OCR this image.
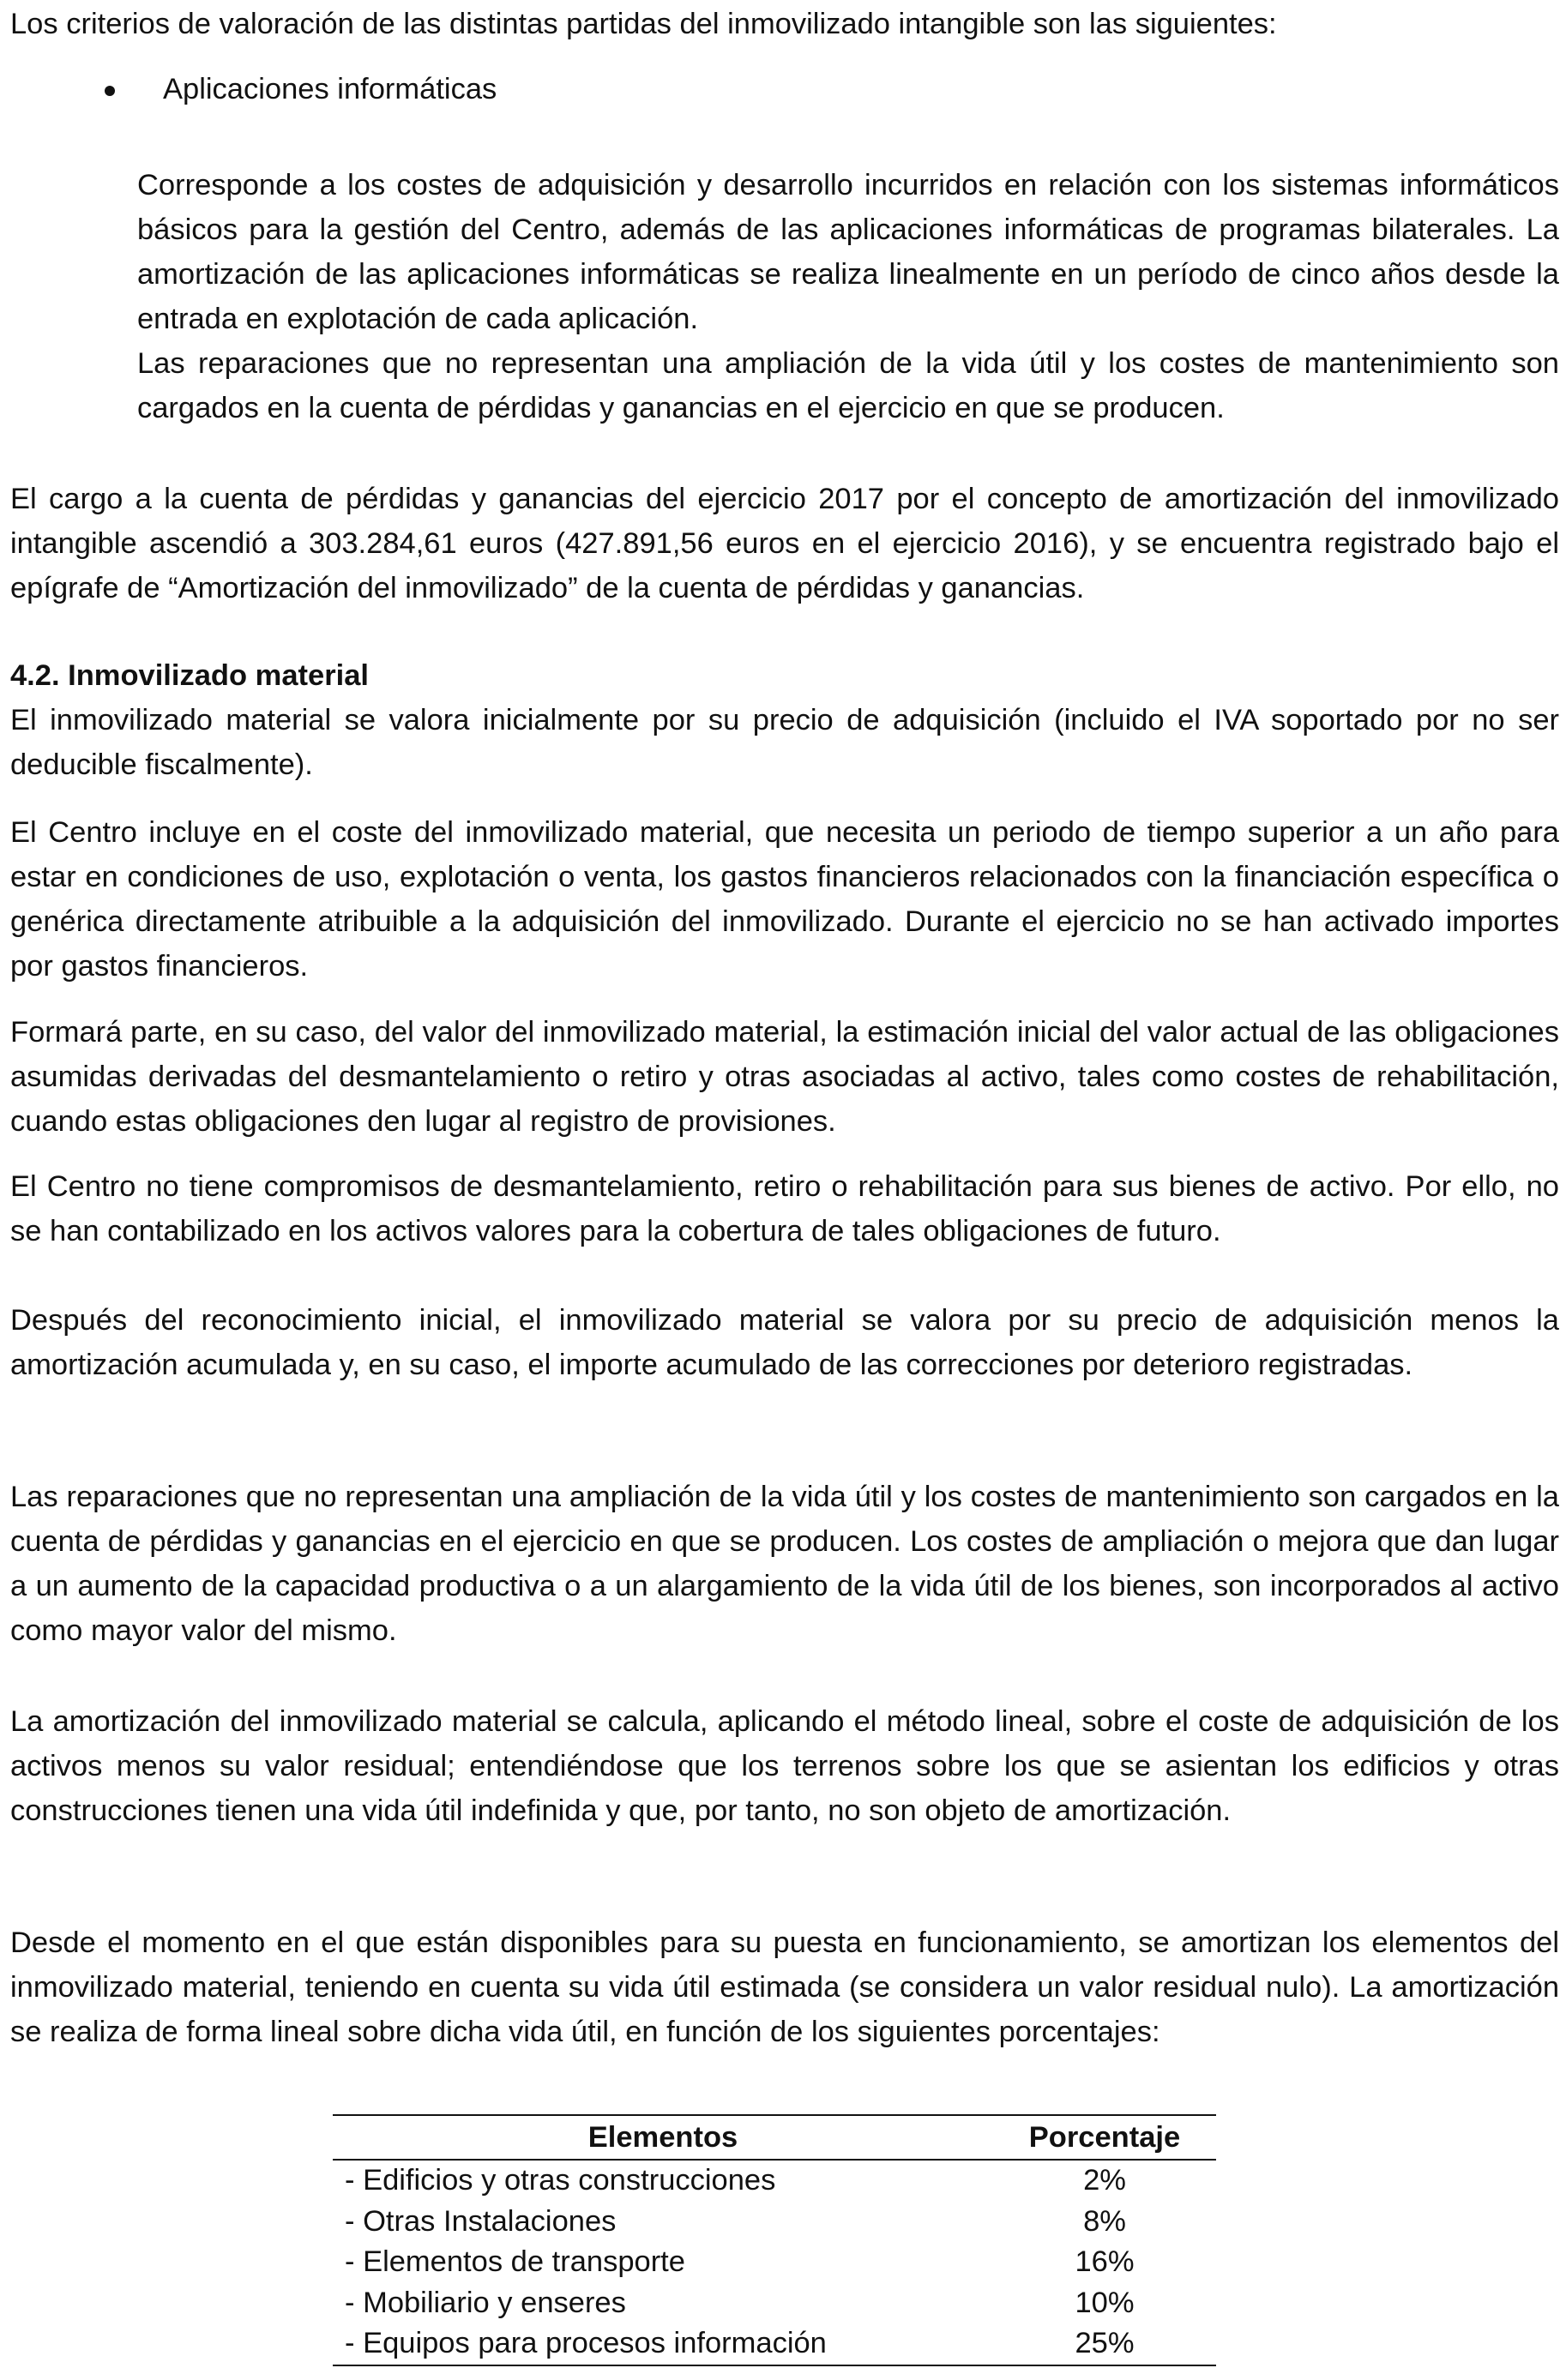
Los criterios de valoración de las distintas partidas del inmovilizado intangible son las siguientes:

Aplicaciones informáticas

Corresponde a los costes de adquisición y desarrollo incurridos en relación con los sistemas informáticos básicos para la gestión del Centro, además de las aplicaciones informáticas de programas bilaterales. La amortización de las aplicaciones informáticas se realiza linealmente en un período de cinco años desde la entrada en explotación de cada aplicación.

Las reparaciones que no representan una ampliación de la vida útil y los costes de mantenimiento son cargados en la cuenta de pérdidas y ganancias en el ejercicio en que se producen.

El cargo a la cuenta de pérdidas y ganancias del ejercicio 2017 por el concepto de amortización del inmovilizado intangible ascendió a 303.284,61 euros (427.891,56 euros en el ejercicio 2016), y se encuentra registrado bajo el epígrafe de “Amortización del inmovilizado” de la cuenta de pérdidas y ganancias.

4.2. Inmovilizado material

El inmovilizado material se valora inicialmente por su precio de adquisición (incluido el IVA soportado por no ser deducible fiscalmente).

El Centro incluye en el coste del inmovilizado material, que necesita un periodo de tiempo superior a un año para estar en condiciones de uso, explotación o venta, los gastos financieros relacionados con la financiación específica o genérica directamente atribuible a la adquisición del inmovilizado. Durante el ejercicio no se han activado importes por gastos financieros.

Formará parte, en su caso, del valor del inmovilizado material, la estimación inicial del valor actual de las obligaciones asumidas derivadas del desmantelamiento o retiro y otras asociadas al activo, tales como costes de rehabilitación, cuando estas obligaciones den lugar al registro de provisiones.

El Centro no tiene compromisos de desmantelamiento, retiro o rehabilitación para sus bienes de activo. Por ello, no se han contabilizado en los activos valores para la cobertura de tales obligaciones de futuro.

Después del reconocimiento inicial, el inmovilizado material se valora por su precio de adquisición menos la amortización acumulada y, en su caso, el importe acumulado de las correcciones por deterioro registradas.

Las reparaciones que no representan una ampliación de la vida útil y los costes de mantenimiento son cargados en la cuenta de pérdidas y ganancias en el ejercicio en que se producen. Los costes de ampliación o mejora que dan lugar a un aumento de la capacidad productiva o a un alargamiento de la vida útil de los bienes, son incorporados al activo como mayor valor del mismo.

La amortización del inmovilizado material se calcula, aplicando el método lineal, sobre el coste de adquisición de los activos menos su valor residual; entendiéndose que los terrenos sobre los que se asientan los edificios y otras construcciones tienen una vida útil indefinida y que, por tanto, no son objeto de amortización.

Desde el momento en el que están disponibles para su puesta en funcionamiento, se amortizan los elementos del inmovilizado material, teniendo en cuenta su vida útil estimada (se considera un valor residual nulo). La amortización se realiza de forma lineal sobre dicha vida útil, en función de los siguientes porcentajes:

Elementos	Porcentaje
- Edificios y otras construcciones	2%
- Otras Instalaciones	8%
- Elementos de transporte	16%
- Mobiliario y enseres	10%
- Equipos para procesos información	25%
